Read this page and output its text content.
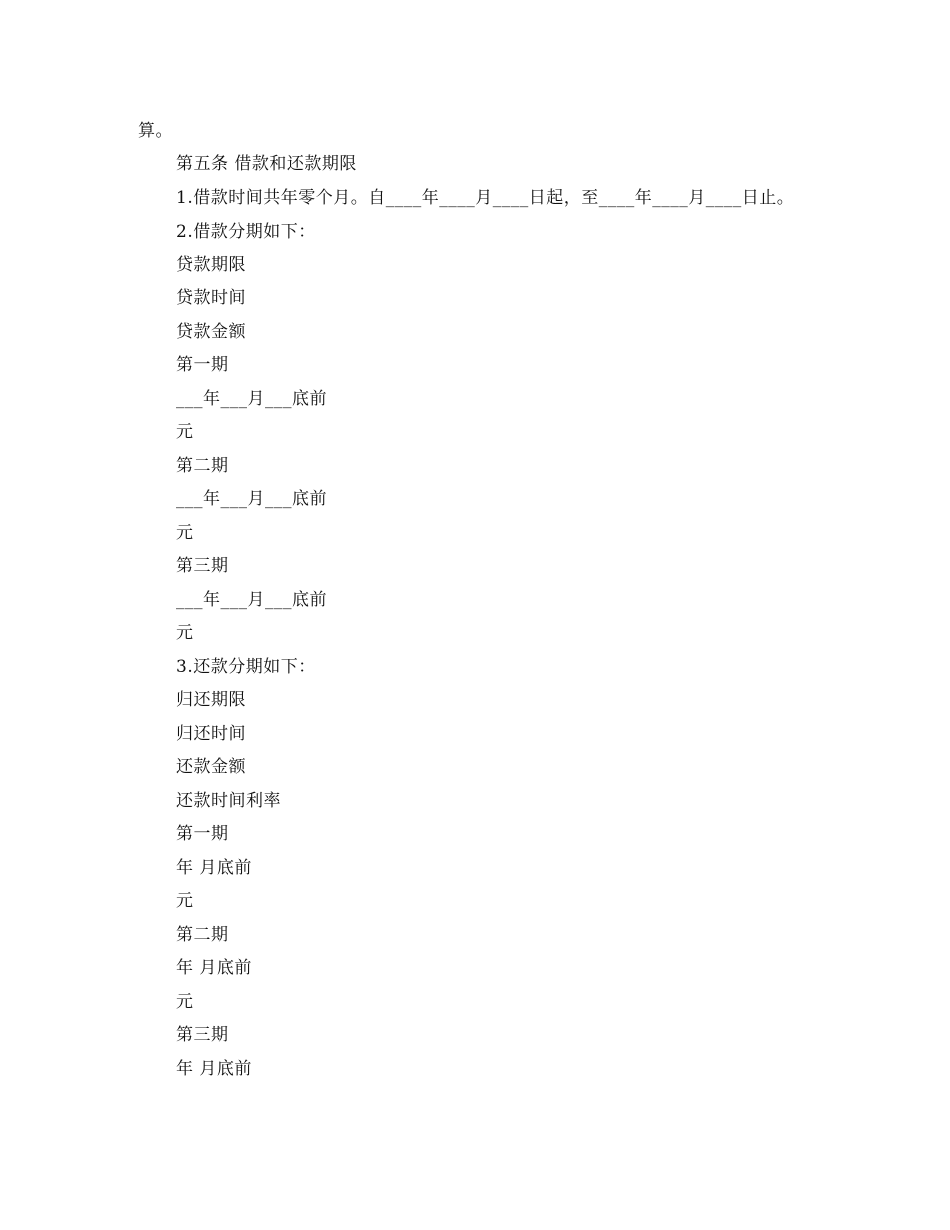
算。
第五条 借款和还款期限
1.借款时间共年零个月。自____年____月____日起，至____年____月____日止。
2.借款分期如下：
贷款期限
贷款时间
贷款金额
第一期
___年___月___底前
元
第二期
___年___月___底前
元
第三期
___年___月___底前
元
3.还款分期如下：
归还期限
归还时间
还款金额
还款时间利率
第一期
年 月底前
元
第二期
年 月底前
元
第三期
年 月底前
